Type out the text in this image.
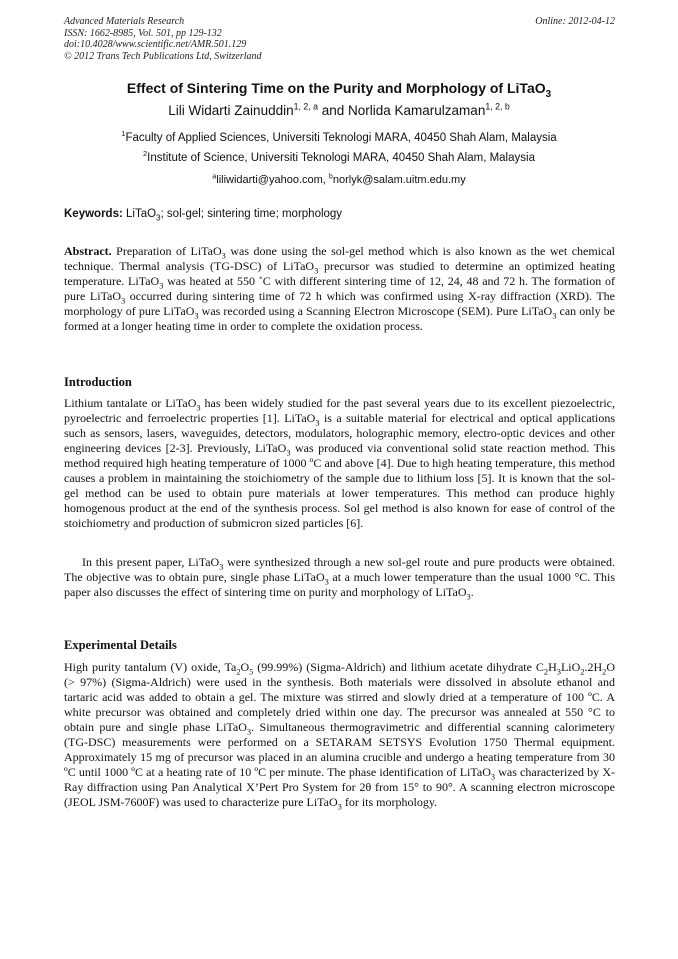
Advanced Materials Research
ISSN: 1662-8985, Vol. 501, pp 129-132
doi:10.4028/www.scientific.net/AMR.501.129
© 2012 Trans Tech Publications Ltd, Switzerland
Online: 2012-04-12
Effect of Sintering Time on the Purity and Morphology of LiTaO$_3$
Lili Widarti Zainuddin$^{1, 2, a}$ and Norlida Kamarulzaman$^{1, 2, b}$
$^1$Faculty of Applied Sciences, Universiti Teknologi MARA, 40450 Shah Alam, Malaysia
$^2$Institute of Science, Universiti Teknologi MARA, 40450 Shah Alam, Malaysia
$^a$liliwidarti@yahoo.com, $^b$norlyk@salam.uitm.edu.my
Keywords: LiTaO$_3$; sol-gel; sintering time; morphology
Abstract. Preparation of LiTaO$_3$ was done using the sol-gel method which is also known as the wet chemical technique. Thermal analysis (TG-DSC) of LiTaO$_3$ precursor was studied to determine an optimized heating temperature. LiTaO$_3$ was heated at 550 ˚C with different sintering time of 12, 24, 48 and 72 h. The formation of pure LiTaO$_3$ occurred during sintering time of 72 h which was confirmed using X-ray diffraction (XRD). The morphology of pure LiTaO$_3$ was recorded using a Scanning Electron Microscope (SEM). Pure LiTaO$_3$ can only be formed at a longer heating time in order to complete the oxidation process.
Introduction
Lithium tantalate or LiTaO$_3$ has been widely studied for the past several years due to its excellent piezoelectric, pyroelectric and ferroelectric properties [1]. LiTaO$_3$ is a suitable material for electrical and optical applications such as sensors, lasers, waveguides, detectors, modulators, holographic memory, electro-optic devices and other engineering devices [2-3]. Previously, LiTaO$_3$ was produced via conventional solid state reaction method. This method required high heating temperature of 1000 ºC and above [4]. Due to high heating temperature, this method causes a problem in maintaining the stoichiometry of the sample due to lithium loss [5]. It is known that the sol-gel method can be used to obtain pure materials at lower temperatures. This method can produce highly homogenous product at the end of the synthesis process. Sol gel method is also known for ease of control of the stoichiometry and production of submicron sized particles [6].
In this present paper, LiTaO$_3$ were synthesized through a new sol-gel route and pure products were obtained. The objective was to obtain pure, single phase LiTaO$_3$ at a much lower temperature than the usual 1000 °C. This paper also discusses the effect of sintering time on purity and morphology of LiTaO$_3$.
Experimental Details
High purity tantalum (V) oxide, $Ta_2O_5$ (99.99%) (Sigma-Aldrich) and lithium acetate dihydrate $C_2H_3LiO_2.2H_2O$ (> 97%) (Sigma-Aldrich) were used in the synthesis. Both materials were dissolved in absolute ethanol and tartaric acid was added to obtain a gel. The mixture was stirred and slowly dried at a temperature of 100 ºC. A white precursor was obtained and completely dried within one day. The precursor was annealed at 550 °C to obtain pure and single phase LiTaO$_3$. Simultaneous thermogravimetric and differential scanning calorimetery (TG-DSC) measurements were performed on a SETARAM SETSYS Evolution 1750 Thermal equipment. Approximately 15 mg of precursor was placed in an alumina crucible and undergo a heating temperature from 30 ºC until 1000 ºC at a heating rate of 10 ºC per minute. The phase identification of LiTaO$_3$ was characterized by X-Ray diffraction using Pan Analytical X’Pert Pro System for 2θ from 15° to 90°. A scanning electron microscope (JEOL JSM-7600F) was used to characterize pure LiTaO$_3$ for its morphology.
